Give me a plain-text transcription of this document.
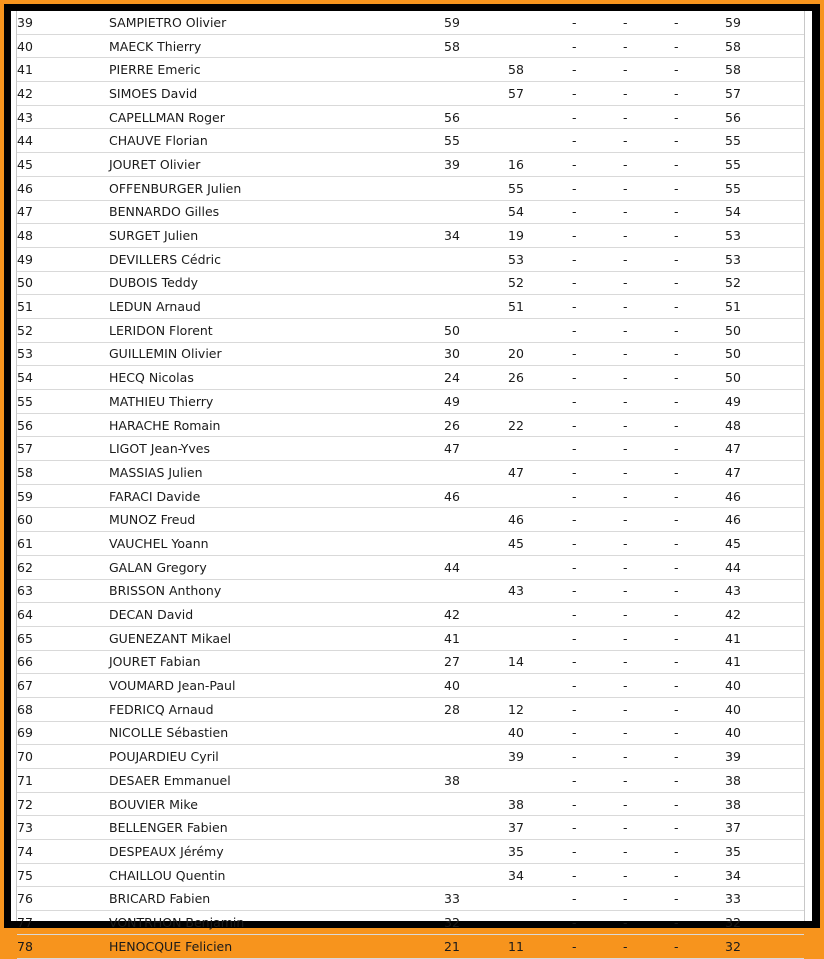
39	SAMPIETRO Olivier	59		-	-	-	59
40	MAECK Thierry	58		-	-	-	58
41	PIERRE Emeric		58	-	-	-	58
42	SIMOES David		57	-	-	-	57
43	CAPELLMAN Roger	56		-	-	-	56
44	CHAUVE Florian	55		-	-	-	55
45	JOURET Olivier	39	16	-	-	-	55
46	OFFENBURGER Julien		55	-	-	-	55
47	BENNARDO Gilles		54	-	-	-	54
48	SURGET Julien	34	19	-	-	-	53
49	DEVILLERS Cédric		53	-	-	-	53
50	DUBOIS Teddy		52	-	-	-	52
51	LEDUN Arnaud		51	-	-	-	51
52	LERIDON Florent	50		-	-	-	50
53	GUILLEMIN Olivier	30	20	-	-	-	50
54	HECQ Nicolas	24	26	-	-	-	50
55	MATHIEU Thierry	49		-	-	-	49
56	HARACHE Romain	26	22	-	-	-	48
57	LIGOT Jean-Yves	47		-	-	-	47
58	MASSIAS Julien		47	-	-	-	47
59	FARACI Davide	46		-	-	-	46
60	MUNOZ Freud		46	-	-	-	46
61	VAUCHEL Yoann		45	-	-	-	45
62	GALAN Gregory	44		-	-	-	44
63	BRISSON Anthony		43	-	-	-	43
64	DECAN David	42		-	-	-	42
65	GUENEZANT Mikael	41		-	-	-	41
66	JOURET Fabian	27	14	-	-	-	41
67	VOUMARD Jean-Paul	40		-	-	-	40
68	FEDRICQ Arnaud	28	12	-	-	-	40
69	NICOLLE Sébastien		40	-	-	-	40
70	POUJARDIEU Cyril		39	-	-	-	39
71	DESAER Emmanuel	38		-	-	-	38
72	BOUVIER Mike		38	-	-	-	38
73	BELLENGER Fabien		37	-	-	-	37
74	DESPEAUX Jérémy		35	-	-	-	35
75	CHAILLOU Quentin		34	-	-	-	34
76	BRICARD Fabien	33		-	-	-	33
77	VONTRHON Benjamin	32		-	-	-	32
78	HENOCQUE Felicien	21	11	-	-	-	32
